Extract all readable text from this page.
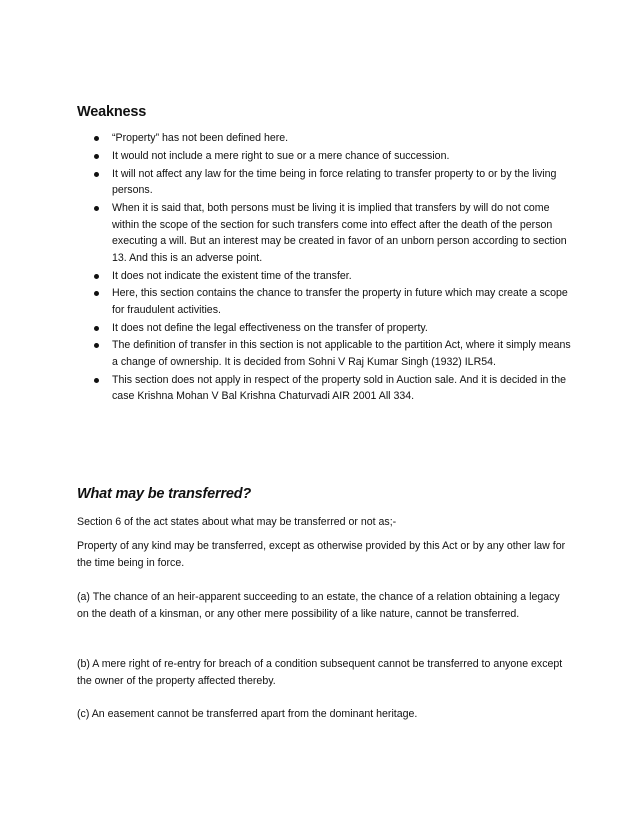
Weakness
“Property” has not been defined here.
It would not include a mere right to sue or a mere chance of succession.
It will not affect any law for the time being in force relating to transfer property to or by the living persons.
When it is said that, both persons must be living it is implied that transfers by will do not come within the scope of the section for such transfers come into effect after the death of the person executing a will. But an interest may be created in favor of an unborn person according to section 13. And this is an adverse point.
It does not indicate the existent time of the transfer.
Here, this section contains the chance to transfer the property in future which may create a scope for fraudulent activities.
It does not define the legal effectiveness on the transfer of property.
The definition of transfer in this section is not applicable to the partition Act, where it simply means a change of ownership. It is decided from Sohni V Raj Kumar Singh (1932) ILR54.
This section does not apply in respect of the property sold in Auction sale. And it is decided in the case Krishna Mohan V Bal Krishna Chaturvadi AIR 2001 All 334.
What may be transferred?

Section 6 of the act states about what may be transferred or not as;-

Property of any kind may be transferred, except as otherwise provided by this Act or by any other law for the time being in force.

(a) The chance of an heir-apparent succeeding to an estate, the chance of a relation obtaining a legacy on the death of a kinsman, or any other mere possibility of a like nature, cannot be transferred.

(b) A mere right of re-entry for breach of a condition subsequent cannot be transferred to anyone except the owner of the property affected thereby.

(c) An easement cannot be transferred apart from the dominant heritage.
